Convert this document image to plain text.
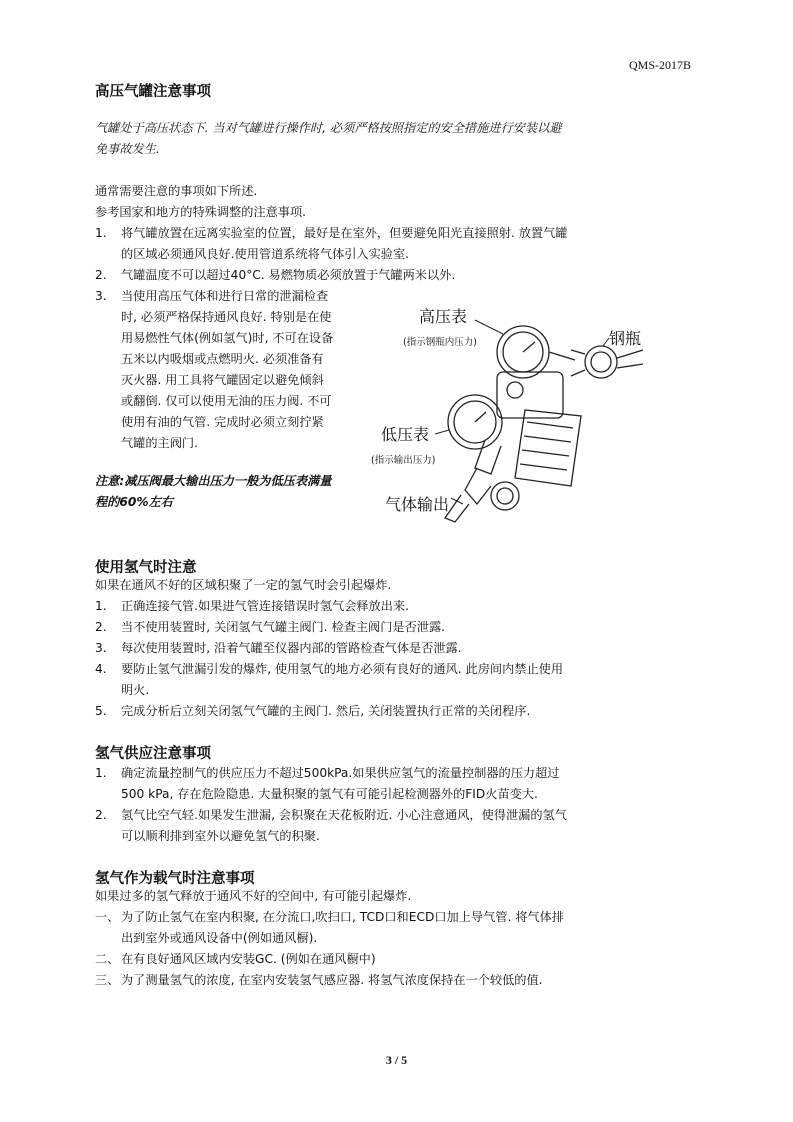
QMS-2017B
高压气罐注意事项
气罐处于高压状态下. 当对气罐进行操作时, 必须严格按照指定的安全措施进行安装以避
免事故发生.
通常需要注意的事项如下所述.
参考国家和地方的特殊调整的注意事项.
1. 将气罐放置在远离实验室的位置，最好是在室外，但要避免阳光直接照射. 放置气罐
的区域必须通风良好.使用管道系统将气体引入实验室.
2. 气罐温度不可以超过40°C. 易燃物质必须放置于气罐两米以外.
3. 当使用高压气体和进行日常的泄漏检查
时, 必须严格保持通风良好. 特别是在使
用易燃性气体(例如氢气)时, 不可在设备
五米以内吸烟或点燃明火. 必须准备有
灭火器. 用工具将气罐固定以避免倾斜
或翻倒. 仅可以使用无油的压力阀. 不可
使用有油的气管. 完成时必须立刻拧紧
气罐的主阀门.
注意:减压阀最大输出压力一般为低压表满量
程的60%左右
高压表
(指示钢瓶内压力)	钢瓶
低压表
(指示输出压力)
气体输出
使用氢气时注意
如果在通风不好的区域积聚了一定的氢气时会引起爆炸.
1. 正确连接气管.如果进气管连接错误时氢气会释放出来.
2. 当不使用装置时, 关闭氢气气罐主阀门. 检查主阀门是否泄露.
3. 每次使用装置时, 沿着气罐至仪器内部的管路检查气体是否泄露.
4. 要防止氢气泄漏引发的爆炸, 使用氢气的地方必须有良好的通风. 此房间内禁止使用
明火.
5. 完成分析后立刻关闭氢气气罐的主阀门. 然后, 关闭装置执行正常的关闭程序.
氢气供应注意事项
1. 确定流量控制气的供应压力不超过500kPa.如果供应氢气的流量控制器的压力超过
500 kPa, 存在危险隐患. 大量积聚的氢气有可能引起检测器外的FID火苗变大.
2. 氢气比空气轻.如果发生泄漏, 会积聚在天花板附近. 小心注意通风，使得泄漏的氢气
可以顺利排到室外以避免氢气的积聚.
氢气作为载气时注意事项
如果过多的氢气释放于通风不好的空间中, 有可能引起爆炸.
一、 为了防止氢气在室内积聚, 在分流口,吹扫口, TCD口和ECD口加上导气管. 将气体排
出到室外或通风设备中(例如通风橱).
二、 在有良好通风区域内安装GC. (例如在通风橱中)
三、 为了测量氢气的浓度, 在室内安装氢气感应器. 将氢气浓度保持在一个较低的值.
3 / 5
